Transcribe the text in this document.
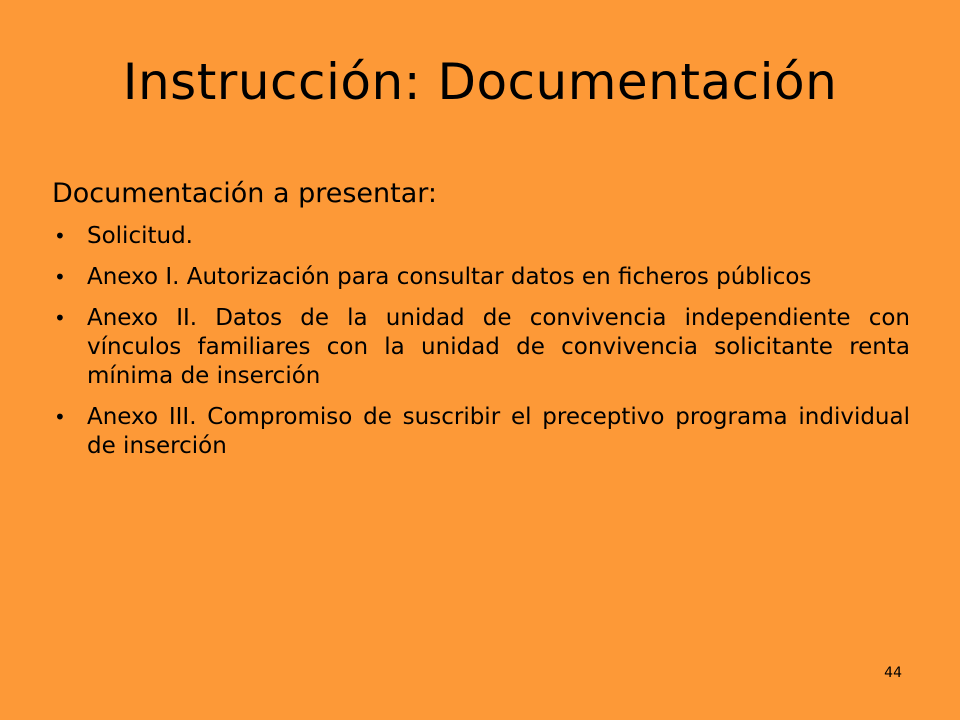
Instrucción: Documentación

Documentación a presentar:

• Solicitud.
• Anexo I. Autorización para consultar datos en ficheros públicos
• Anexo II. Datos de la unidad de convivencia independiente con vínculos familiares con la unidad de convivencia solicitante renta mínima de inserción
• Anexo III. Compromiso de suscribir el preceptivo programa individual de inserción
44
